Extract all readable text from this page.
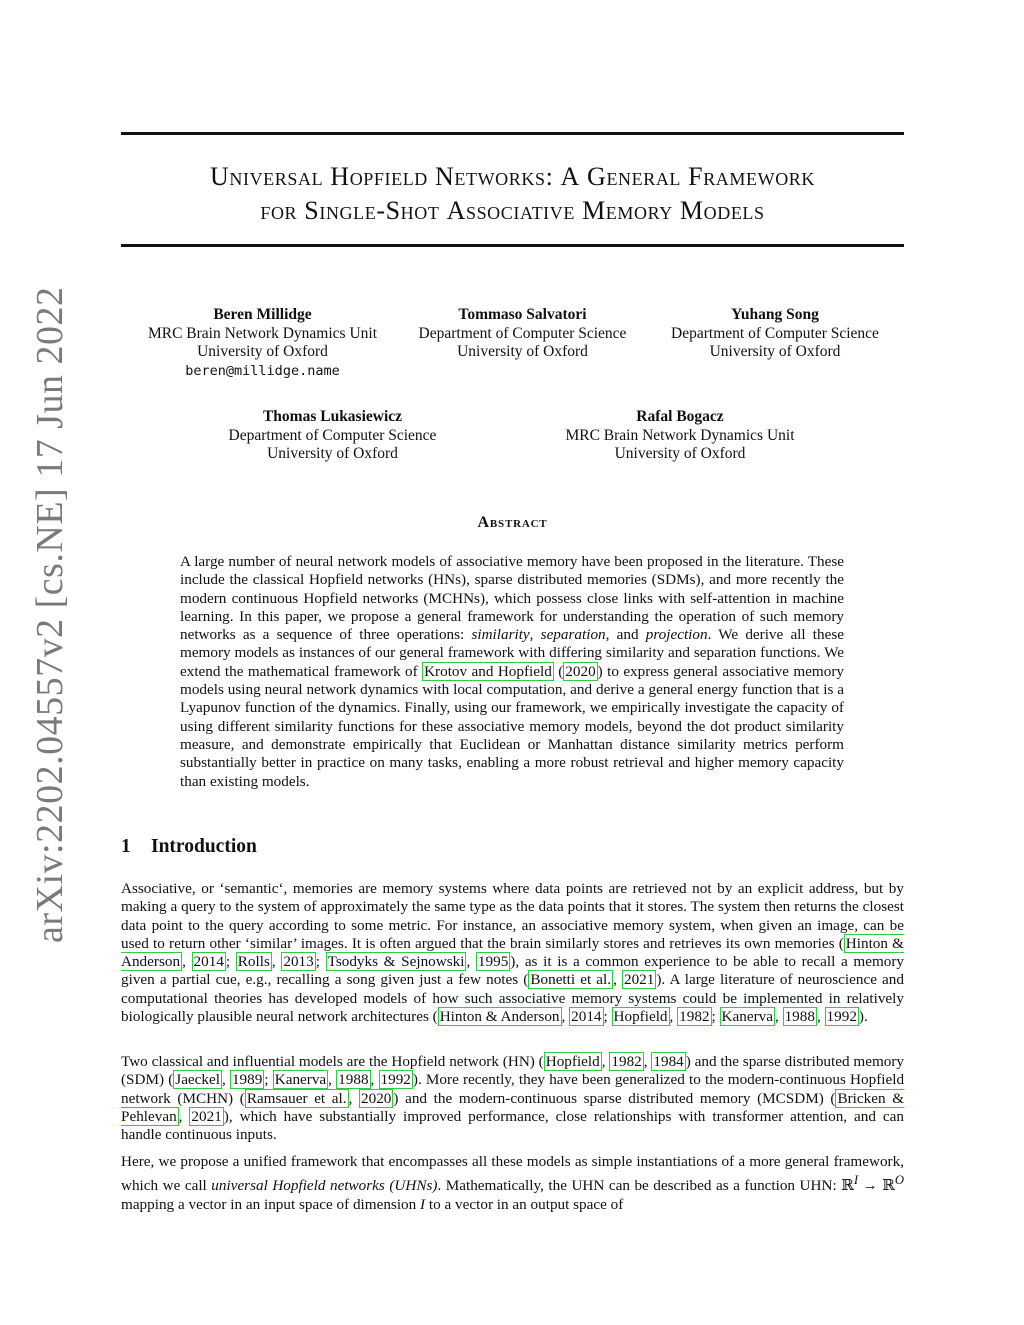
arXiv:2202.04557v2 [cs.NE] 17 Jun 2022
Universal Hopfield Networks: A General Framework
for Single-Shot Associative Memory Models
Beren Millidge
MRC Brain Network Dynamics Unit
University of Oxford
beren@millidge.name
Tommaso Salvatori
Department of Computer Science
University of Oxford
Yuhang Song
Department of Computer Science
University of Oxford
Thomas Lukasiewicz
Department of Computer Science
University of Oxford
Rafal Bogacz
MRC Brain Network Dynamics Unit
University of Oxford
Abstract

A large number of neural network models of associative memory have been proposed in the literature. These include the classical Hopfield networks (HNs), sparse distributed memories (SDMs), and more recently the modern continuous Hopfield networks (MCHNs), which possess close links with self-attention in machine learning. In this paper, we propose a general framework for understanding the operation of such memory networks as a sequence of three operations: similarity, separation, and projection. We derive all these memory models as instances of our general framework with differing similarity and separation functions. We extend the mathematical framework of Krotov and Hopfield ( 2020 ) to express general associative memory models using neural network dynamics with local computation, and derive a general energy function that is a Lyapunov function of the dynamics. Finally, using our framework, we empirically investigate the capacity of using different similarity functions for these associative memory models, beyond the dot product similarity measure, and demonstrate empirically that Euclidean or Manhattan distance similarity metrics perform substantially better in practice on many tasks, enabling a more robust retrieval and higher memory capacity than existing models.

1 Introduction

Associative, or ‘semantic‘, memories are memory systems where data points are retrieved not by an explicit address, but by making a query to the system of approximately the same type as the data points that it stores. The system then returns the closest data point to the query according to some metric. For instance, an associative memory system, when given an image, can be used to return other ‘similar’ images. It is often argued that the brain similarly stores and retrieves its own memories ( Hinton & Anderson , 2014 ; Rolls , 2013 ; Tsodyks & Sejnowski , 1995 ), as it is a common experience to be able to recall a memory given a partial cue, e.g., recalling a song given just a few notes ( Bonetti et al. , 2021 ). A large literature of neuroscience and computational theories has developed models of how such associative memory systems could be implemented in relatively biologically plausible neural network architectures ( Hinton & Anderson , 2014 ; Hopfield , 1982 ; Kanerva , 1988 , 1992 ).

Two classical and influential models are the Hopfield network (HN) ( Hopfield , 1982 , 1984 ) and the sparse distributed memory (SDM) ( Jaeckel , 1989 ; Kanerva , 1988 , 1992 ). More recently, they have been generalized to the modern-continuous Hopfield network (MCHN) ( Ramsauer et al. , 2020 ) and the modern-continuous sparse distributed memory (MCSDM) ( Bricken & Pehlevan , 2021 ), which have substantially improved performance, close relationships with transformer attention, and can handle continuous inputs.

Here, we propose a unified framework that encompasses all these models as simple instantiations of a more general framework, which we call universal Hopfield networks (UHNs). Mathematically, the UHN can be described as a function UHN: ℝ$^I$ → ℝ$^O$ mapping a vector in an input space of dimension I to a vector in an output space of
